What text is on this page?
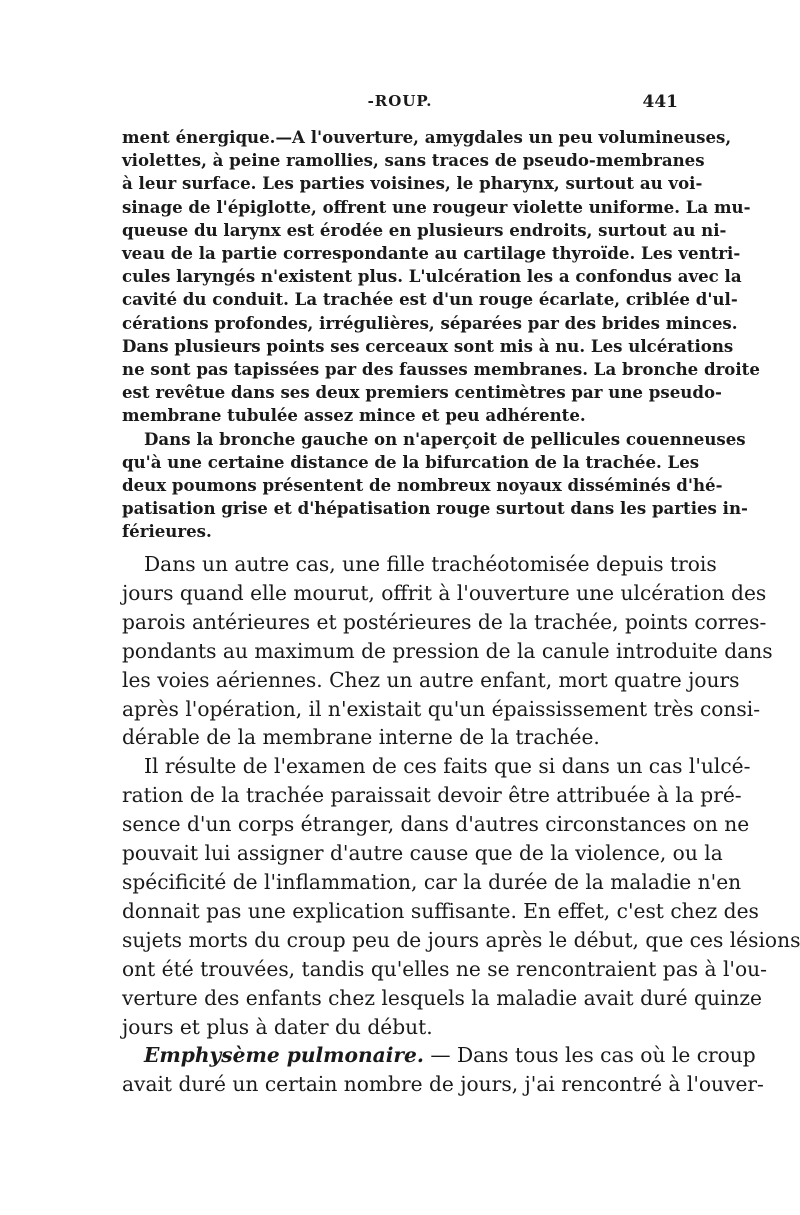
-ROUP.	441
ment énergique.—A l'ouverture, amygdales un peu volumineuses,
violettes, à peine ramollies, sans traces de pseudo-membranes
à leur surface. Les parties voisines, le pharynx, surtout au voi-
sinage de l'épiglotte, offrent une rougeur violette uniforme. La mu-
queuse du larynx est érodée en plusieurs endroits, surtout au ni-
veau de la partie correspondante au cartilage thyroïde. Les ventri-
cules laryngés n'existent plus. L'ulcération les a confondus avec la
cavité du conduit. La trachée est d'un rouge écarlate, criblée d'ul-
cérations profondes, irrégulières, séparées par des brides minces.
Dans plusieurs points ses cerceaux sont mis à nu. Les ulcérations
ne sont pas tapissées par des fausses membranes. La bronche droite
est revêtue dans ses deux premiers centimètres par une pseudo-
membrane tubulée assez mince et peu adhérente.
Dans la bronche gauche on n'aperçoit de pellicules couenneuses
qu'à une certaine distance de la bifurcation de la trachée. Les
deux poumons présentent de nombreux noyaux disséminés d'hé-
patisation grise et d'hépatisation rouge surtout dans les parties in-
férieures.
Dans un autre cas, une fille trachéotomisée depuis trois
jours quand elle mourut, offrit à l'ouverture une ulcération des
parois antérieures et postérieures de la trachée, points corres-
pondants au maximum de pression de la canule introduite dans
les voies aériennes. Chez un autre enfant, mort quatre jours
après l'opération, il n'existait qu'un épaississement très consi-
dérable de la membrane interne de la trachée.
Il résulte de l'examen de ces faits que si dans un cas l'ulcé-
ration de la trachée paraissait devoir être attribuée à la pré-
sence d'un corps étranger, dans d'autres circonstances on ne
pouvait lui assigner d'autre cause que de la violence, ou la
spécificité de l'inflammation, car la durée de la maladie n'en
donnait pas une explication suffisante. En effet, c'est chez des
sujets morts du croup peu de jours après le début, que ces lésions
ont été trouvées, tandis qu'elles ne se rencontraient pas à l'ou-
verture des enfants chez lesquels la maladie avait duré quinze
jours et plus à dater du début.
Emphysème pulmonaire. — Dans tous les cas où le croup
avait duré un certain nombre de jours, j'ai rencontré à l'ouver-
